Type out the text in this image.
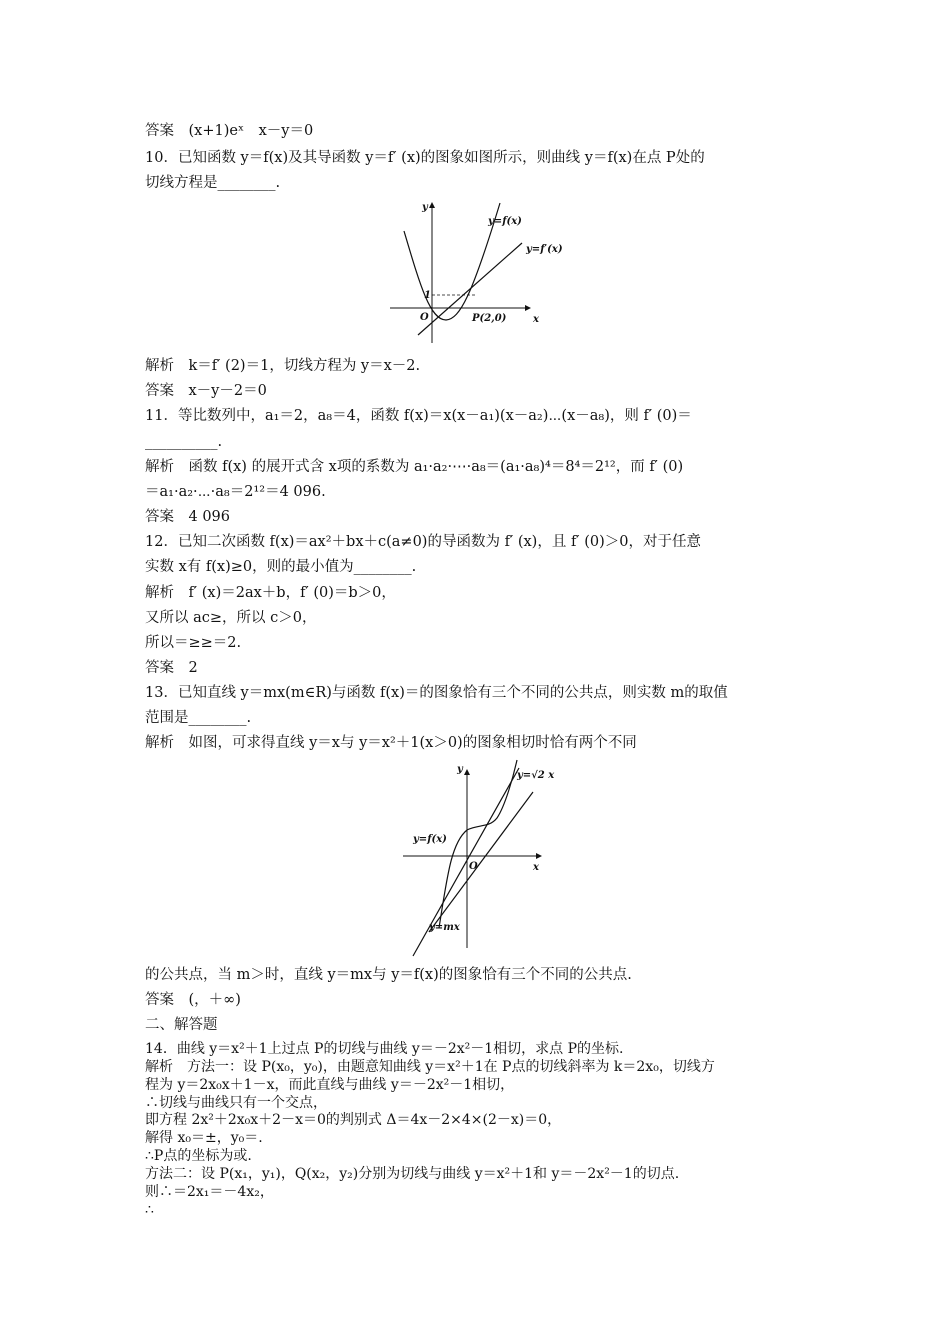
答案　(x+1)eˣ　x－y＝0
10．已知函数 y＝f(x)及其导函数 y＝f′ (x)的图象如图所示，则曲线 y＝f(x)在点 P处的
切线方程是________.
y
x
O
1
y=f(x)
y=f′(x)
P(2,0)
解析　k＝f′ (2)＝1，切线方程为 y＝x－2.
答案　x－y－2＝0
11．等比数列中，a₁＝2，a₈＝4，函数 f(x)＝x(x－a₁)(x－a₂)⋯(x－a₈)，则 f′ (0)＝
__________.
解析　函数 f(x) 的展开式含 x项的系数为 a₁·a₂·⋯·a₈＝(a₁·a₈)⁴＝8⁴＝2¹²，而 f′ (0)
＝a₁·a₂·⋯·a₈＝2¹²＝4 096.
答案　4 096
12．已知二次函数 f(x)＝ax²＋bx＋c(a≠0)的导函数为 f′ (x)，且 f′ (0)＞0，对于任意
实数 x有 f(x)≥0，则的最小值为________.
解析　f′ (x)＝2ax＋b，f′ (0)＝b＞0，
又所以 ac≥，所以 c＞0，
所以＝≥≥＝2.
答案　2
13．已知直线 y＝mx(m∈R)与函数 f(x)＝的图象恰有三个不同的公共点，则实数 m的取值
范围是________.
解析　如图，可求得直线 y＝x与 y＝x²＋1(x＞0)的图象相切时恰有两个不同
y
x
O
y=√2 x
y=f(x)
y=mx
的公共点，当 m＞时，直线 y＝mx与 y＝f(x)的图象恰有三个不同的公共点.
答案　(，＋∞)
二、解答题
14．曲线 y＝x²＋1上过点 P的切线与曲线 y＝－2x²－1相切，求点 P的坐标.
解析　方法一：设 P(x₀，y₀)，由题意知曲线 y＝x²＋1在 P点的切线斜率为 k＝2x₀，切线方
程为 y＝2x₀x＋1－x，而此直线与曲线 y＝－2x²－1相切，
∴切线与曲线只有一个交点，
即方程 2x²＋2x₀x＋2－x＝0的判别式 Δ＝4x－2×4×(2－x)＝0，
解得 x₀＝±，y₀＝.
∴P点的坐标为或.
方法二：设 P(x₁，y₁)，Q(x₂，y₂)分别为切线与曲线 y＝x²＋1和 y＝－2x²－1的切点.
则∴＝2x₁＝－4x₂，
∴
